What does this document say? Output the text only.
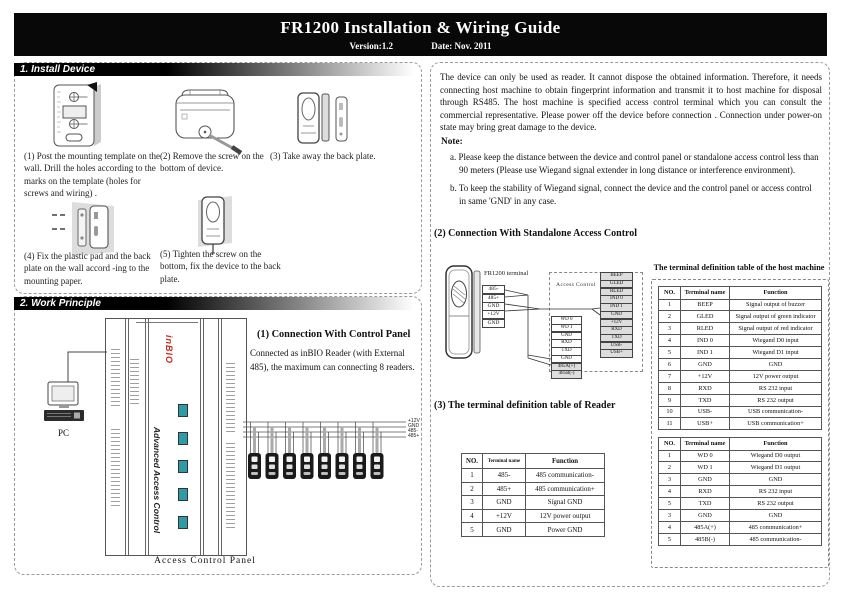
FR1200 Installation & Wiring Guide
Version:1.2	Date: Nov. 2011
1. Install Device
(1) Post the mounting template on the wall. Drill the holes according to the marks on the template (holes for screws and wiring) .
(2) Remove the screw on the bottom of device.
(3) Take away the back plate.
(4) Fix the plastic pad and the back plate on the wall accord -ing to the mounting paper.
(5) Tighten the screw on the bottom, fix the device to the back plate.
2. Work Principle
inBIO
Advanced Access Control
PC
+12V
GND
485-
485+
Access Control Panel
(1) Connection With Control Panel
Connected as inBIO Reader (with External 485), the maximum can connecting 8 readers.
The device can only be used as reader. It cannot dispose the obtained information. Therefore, it needs connecting host machine to obtain fingerprint information and transmit it to host machine for disposal through RS485. The host machine is specified access control terminal which you can consult the commercial representative. Please power off the device before connection . Connection under power-on state may bring great damage to the device.
Note:
a. Please keep the distance between the device and control panel or standalone access control less than 90 meters (Please use Wiegand signal extender in long distance or interference environment).
b. To keep the stability of Wiegand signal, connect the device and the control panel or access control in same 'GND' in any case.
(2) Connection With Standalone Access Control
FR1200 terminal
485-
485+
GND
+12V
GND
Access Control
BEEP
GLED
RLED
IND 0
IND 1
GND
+12V
RXD
TXD
USB-
USB+
WD 0
WD 1
GND
RXD
TXD
GND
485A(+)
485B(-)
(3) The terminal definition table of Reader
NO.	Terminal name	Function
1	485-	485 communication-
2	485+	485 communication+
3	GND	Signal GND
4	+12V	12V power output
5	GND	Power GND
The terminal definition table of the host machine
NO.	Terminal name	Function
1	BEEP	Signal output of buzzer
2	GLED	Signal output of green indicator
3	RLED	Signal output of red indicator
4	IND 0	Wiegand D0 input
5	IND 1	Wiegand D1 input
6	GND	GND
7	+12V	12V power output
8	RXD	RS 232 input
9	TXD	RS 232 output
10	USB-	USB communication-
11	USB+	USB communication+
NO.	Terminal name	Function
1	WD 0	Wiegand D0 output
2	WD 1	Wiegand D1 output
3	GND	GND
4	RXD	RS 232 input
5	TXD	RS 232 output
3	GND	GND
4	485A(+)	485 communication+
5	485B(-)	485 communication-
